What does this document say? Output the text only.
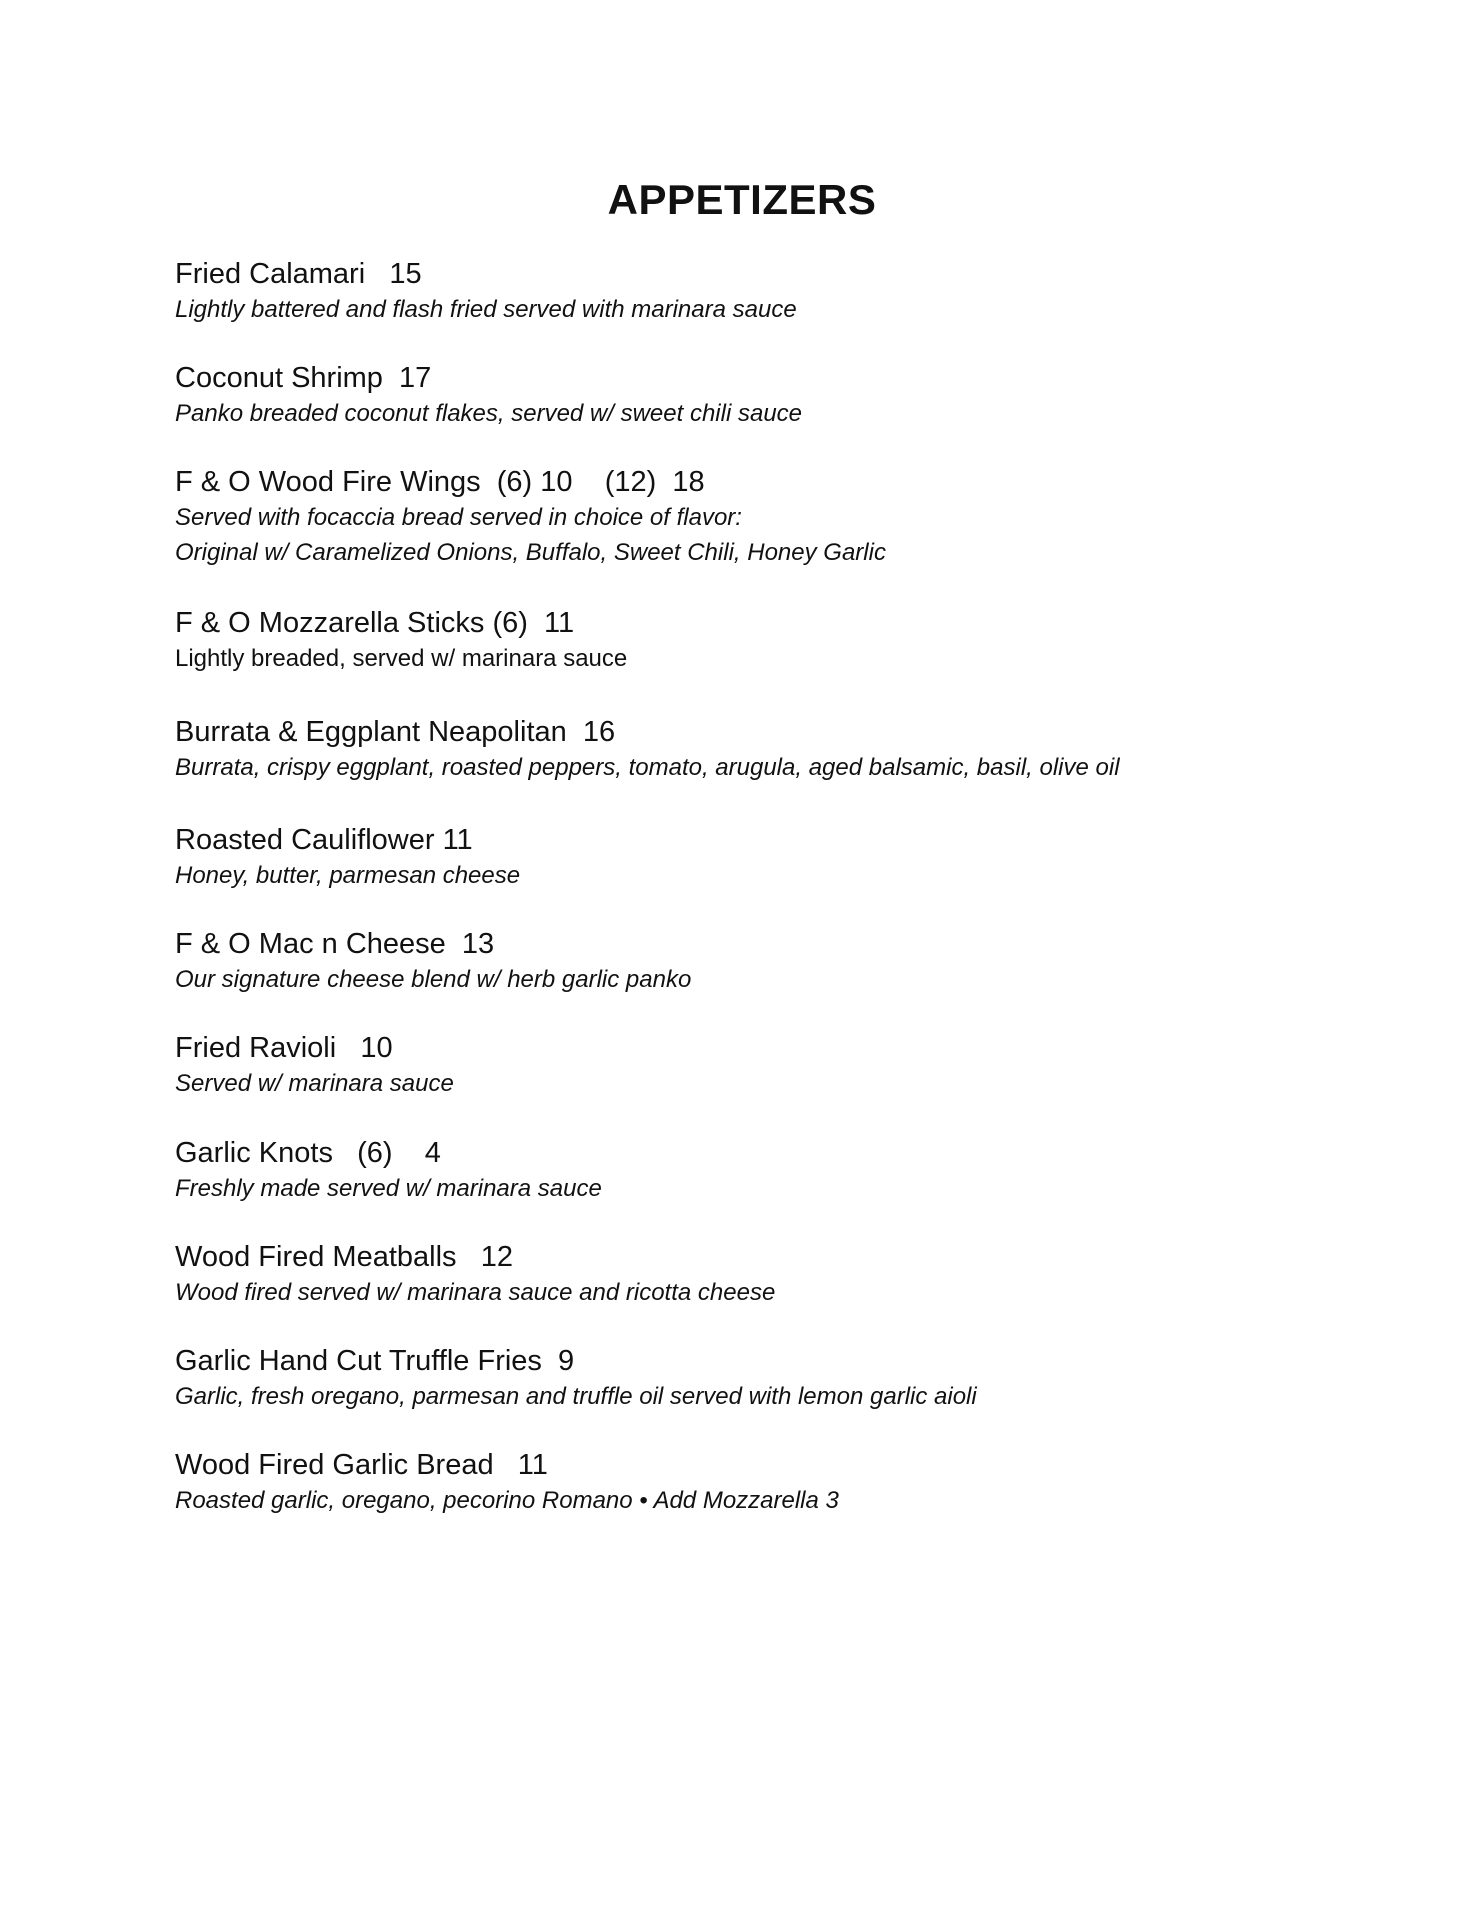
APPETIZERS
Fried Calamari   15
Lightly battered and flash fried served with marinara sauce
Coconut Shrimp  17
Panko breaded coconut flakes, served w/ sweet chili sauce
F & O Wood Fire Wings  (6) 10    (12)  18
Served with focaccia bread served in choice of flavor:
Original w/ Caramelized Onions, Buffalo, Sweet Chili, Honey Garlic
F & O Mozzarella Sticks (6)  11
Lightly breaded, served w/ marinara sauce
Burrata & Eggplant Neapolitan  16
Burrata, crispy eggplant, roasted peppers, tomato, arugula, aged balsamic, basil, olive oil
Roasted Cauliflower 11
Honey, butter, parmesan cheese
F & O Mac n Cheese  13
Our signature cheese blend w/ herb garlic panko
Fried Ravioli   10
Served w/ marinara sauce
Garlic Knots   (6)    4
Freshly made served w/ marinara sauce
Wood Fired Meatballs   12
Wood fired served w/ marinara sauce and ricotta cheese
Garlic Hand Cut Truffle Fries  9
Garlic, fresh oregano, parmesan and truffle oil served with lemon garlic aioli
Wood Fired Garlic Bread   11
Roasted garlic, oregano, pecorino Romano • Add Mozzarella 3
